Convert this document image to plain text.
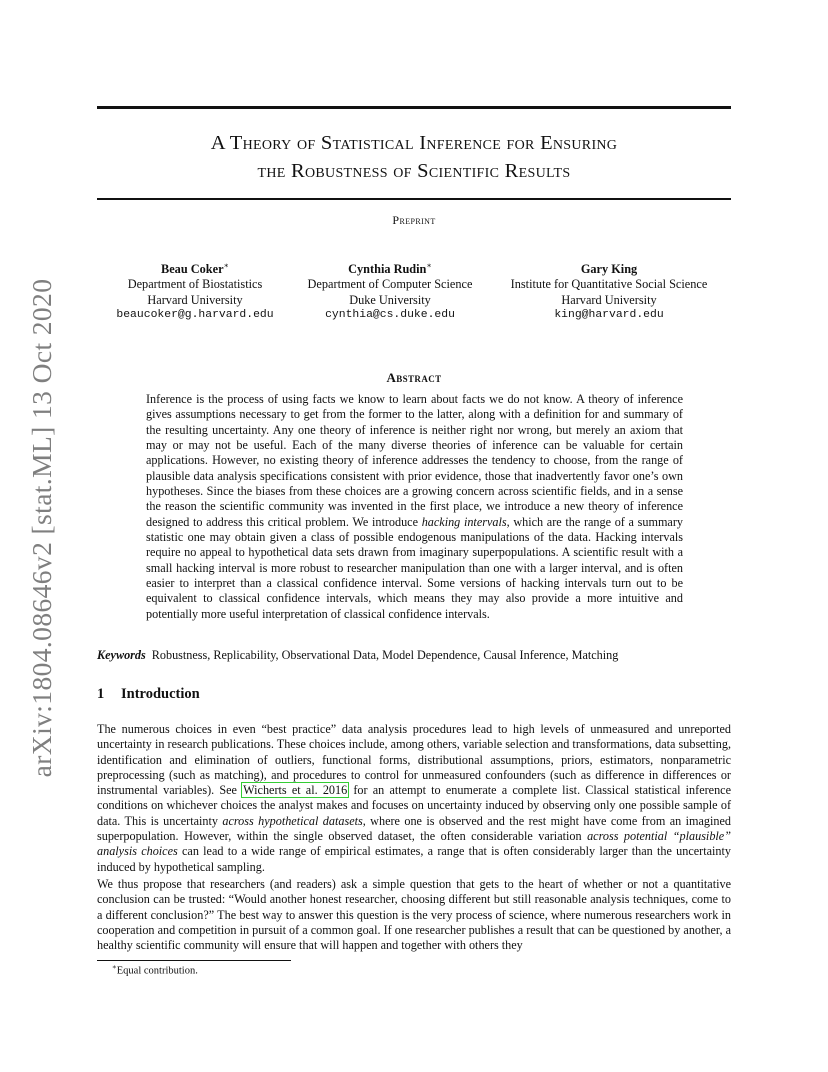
arXiv:1804.08646v2 [stat.ML] 13 Oct 2020
A Theory of Statistical Inference for Ensuring
the Robustness of Scientific Results
Preprint
Beau Coker∗
Department of Biostatistics
Harvard University
beaucoker@g.harvard.edu
Cynthia Rudin∗
Department of Computer Science
Duke University
cynthia@cs.duke.edu
Gary King
Institute for Quantitative Social Science
Harvard University
king@harvard.edu
Abstract
Inference is the process of using facts we know to learn about facts we do not know. A theory of inference gives assumptions necessary to get from the former to the latter, along with a definition for and summary of the resulting uncertainty. Any one theory of inference is neither right nor wrong, but merely an axiom that may or may not be useful. Each of the many diverse theories of inference can be valuable for certain applications. However, no existing theory of inference addresses the tendency to choose, from the range of plausible data analysis specifications consistent with prior evidence, those that inadvertently favor one’s own hypotheses. Since the biases from these choices are a growing concern across scientific fields, and in a sense the reason the scientific community was invented in the first place, we introduce a new theory of inference designed to address this critical problem. We introduce hacking intervals, which are the range of a summary statistic one may obtain given a class of possible endogenous manipulations of the data. Hacking intervals require no appeal to hypothetical data sets drawn from imaginary superpopulations. A scientific result with a small hacking interval is more robust to researcher manipulation than one with a larger interval, and is often easier to interpret than a classical confidence interval. Some versions of hacking intervals turn out to be equivalent to classical confidence intervals, which means they may also provide a more intuitive and potentially more useful interpretation of classical confidence intervals.
Keywords Robustness, Replicability, Observational Data, Model Dependence, Causal Inference, Matching
1 Introduction
The numerous choices in even “best practice” data analysis procedures lead to high levels of unmeasured and unreported uncertainty in research publications. These choices include, among others, variable selection and transformations, data subsetting, identification and elimination of outliers, functional forms, distributional assumptions, priors, estimators, nonparametric preprocessing (such as matching), and procedures to control for unmeasured confounders (such as difference in differences or instrumental variables). See Wicherts et al. 2016 for an attempt to enumerate a complete list. Classical statistical inference conditions on whichever choices the analyst makes and focuses on uncertainty induced by observing only one possible sample of data. This is uncertainty across hypothetical datasets, where one is observed and the rest might have come from an imagined superpopulation. However, within the single observed dataset, the often considerable variation across potential “plausible” analysis choices can lead to a wide range of empirical estimates, a range that is often considerably larger than the uncertainty induced by hypothetical sampling.
We thus propose that researchers (and readers) ask a simple question that gets to the heart of whether or not a quantitative conclusion can be trusted: “Would another honest researcher, choosing different but still reasonable analysis techniques, come to a different conclusion?” The best way to answer this question is the very process of science, where numerous researchers work in cooperation and competition in pursuit of a common goal. If one researcher publishes a result that can be questioned by another, a healthy scientific community will ensure that will happen and together with others they
∗Equal contribution.
